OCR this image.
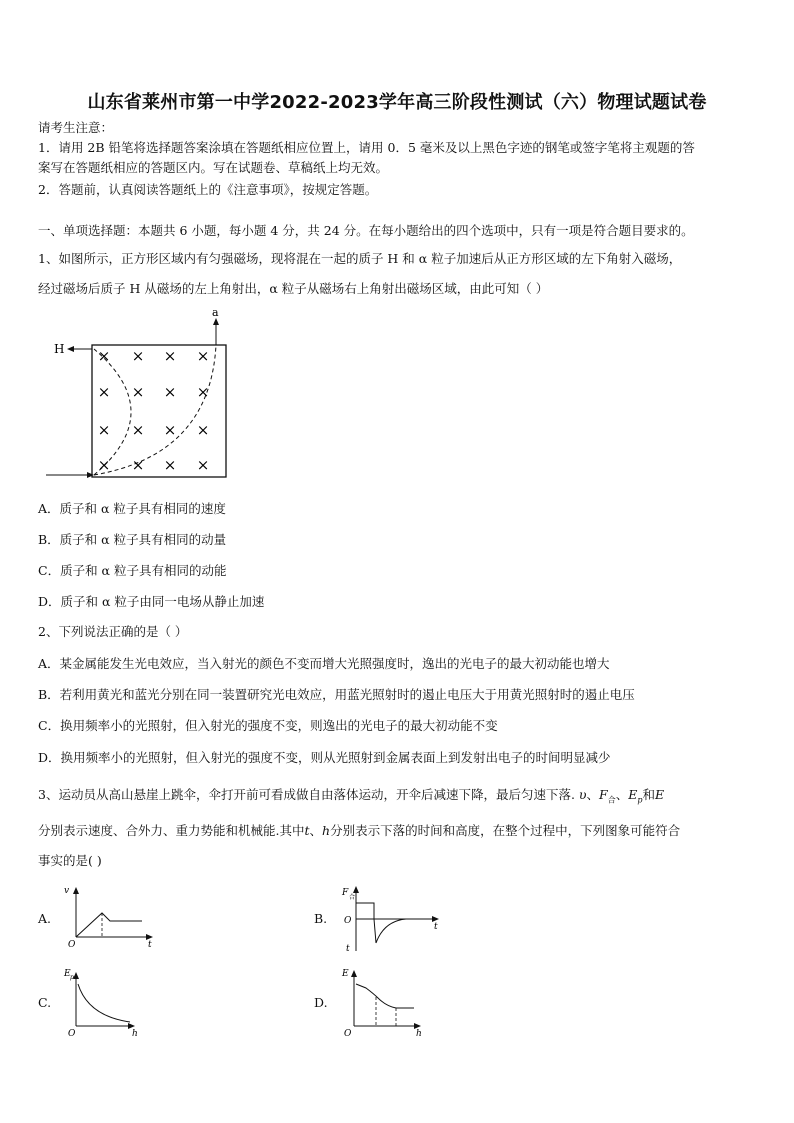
山东省莱州市第一中学2022-2023学年高三阶段性测试（六）物理试题试卷
请考生注意：
1．请用 2B 铅笔将选择题答案涂填在答题纸相应位置上，请用 0．5 毫米及以上黑色字迹的钢笔或签字笔将主观题的答
案写在答题纸相应的答题区内。写在试题卷、草稿纸上均无效。
2．答题前，认真阅读答题纸上的《注意事项》，按规定答题。
一、单项选择题：本题共 6 小题，每小题 4 分，共 24 分。在每小题给出的四个选项中，只有一项是符合题目要求的。
1、如图所示，正方形区域内有匀强磁场，现将混在一起的质子 H 和 α 粒子加速后从正方形区域的左下角射入磁场，
经过磁场后质子 H 从磁场的左上角射出，α 粒子从磁场右上角射出磁场区域，由此可知（ ）
H
a
× × × ×
× × × ×
× × × ×
× × × ×
A．质子和 α 粒子具有相同的速度
B．质子和 α 粒子具有相同的动量
C．质子和 α 粒子具有相同的动能
D．质子和 α 粒子由同一电场从静止加速
2、下列说法正确的是（ ）
A．某金属能发生光电效应，当入射光的颜色不变而增大光照强度时，逸出的光电子的最大初动能也增大
B．若利用黄光和蓝光分别在同一装置研究光电效应，用蓝光照射时的遏止电压大于用黄光照射时的遏止电压
C．换用频率小的光照射，但入射光的强度不变，则逸出的光电子的最大初动能不变
D．换用频率小的光照射，但入射光的强度不变，则从光照射到金属表面上到发射出电子的时间明显减少
3、运动员从高山悬崖上跳伞，伞打开前可看成做自由落体运动，开伞后减速下降，最后匀速下落. υ、$F_合$、$E_p$和E
分别表示速度、合外力、重力势能和机械能.其中t、h分别表示下落的时间和高度，在整个过程中，下列图象可能符合
事实的是( )
A.
v
t
O
B.
F 合
t
O
t
C.
E p
h
O
D.
E
h
O
